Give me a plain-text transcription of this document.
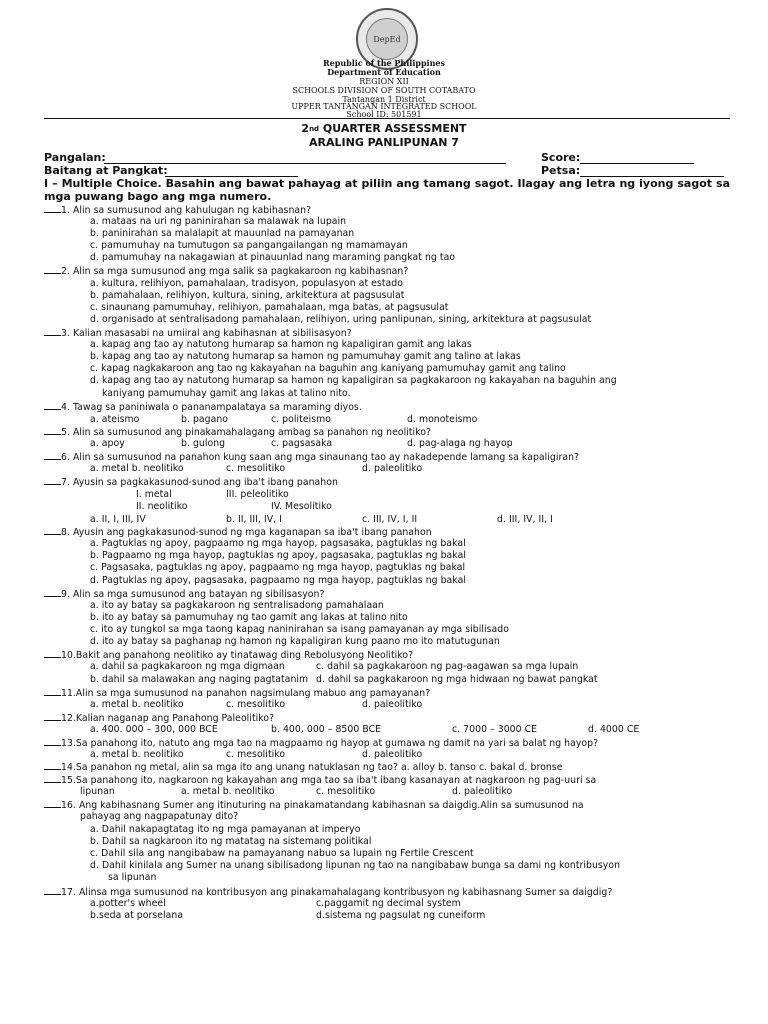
DepEd
Republic of the Philippines
Department of Education
REGION XII
SCHOOLS DIVISION OF SOUTH COTABATO
Tantangan 1 District
UPPER TANTANGAN INTEGRATED SCHOOL
School ID: 501591
2nd QUARTER ASSESSMENT
ARALING PANLIPUNAN 7
Pangalan:	Score:
Baitang at Pangkat:	Petsa:
I – Multiple Choice. Basahin ang bawat pahayag at piliin ang tamang sagot. Ilagay ang letra ng iyong sagot sa mga puwang bago ang mga numero.
1. Alin sa sumusunod ang kahulugan ng kabihasnan?
a. mataas na uri ng paninirahan sa malawak na lupain
b. paninirahan sa malalapit at mauunlad na pamayanan
c. pamumuhay na tumutugon sa pangangailangan ng mamamayan
d. pamumuhay na nakagawian at pinauunlad nang maraming pangkat ng tao
2. Alin sa mga sumusunod ang mga salik sa pagkakaroon ng kabihasnan?
a. kultura, relihiyon, pamahalaan, tradisyon, populasyon at estado
b. pamahalaan, relihiyon, kultura, sining, arkitektura at pagsusulat
c. sinaunang pamumuhay, relihiyon, pamahalaan, mga batas, at pagsusulat
d. organisado at sentralisadong pamahalaan, relihiyon, uring panlipunan, sining, arkitektura at pagsusulat
3. Kalian masasabi na umiiral ang kabihasnan at sibilisasyon?
a. kapag ang tao ay natutong humarap sa hamon ng kapaligiran gamit ang lakas
b. kapag ang tao ay natutong humarap sa hamon ng pamumuhay gamit ang talino at lakas
c. kapag nagkakaroon ang tao ng kakayahan na baguhin ang kaniyang pamumuhay gamit ang talino
d. kapag ang tao ay natutong humarap sa hamon ng kapaligiran sa pagkakaroon ng kakayahan na baguhin ang
kaniyang pamumuhay gamit ang lakas at talino nito.
4. Tawag sa paniniwala o pananampalataya sa maraming diyos.
a. ateismo	b. pagano	c. politeismo	d. monoteismo
5. Alin sa sumusunod ang pinakamahalagang ambag sa panahon ng neolitiko?
a. apoy	b. gulong	c. pagsasaka	d. pag-alaga ng hayop
6. Alin sa sumusunod na panahon kung saan ang mga sinaunang tao ay nakadepende lamang sa kapaligiran?
a. metal b. neolitiko	c. mesolitiko	d. paleolitiko
7. Ayusin sa pagkakasunod-sunod ang iba't ibang panahon
I. metal	III. peleolitiko
II. neolitiko	IV. Mesolitiko
a. II, I, III, IV	b. II, III, IV, I	c. III, IV, I, II	d. III, IV, II, I
8. Ayusin ang pagkakasunod-sunod ng mga kaganapan sa iba't ibang panahon
a. Pagtuklas ng apoy, pagpaamo ng mga hayop, pagsasaka, pagtuklas ng bakal
b. Pagpaamo ng mga hayop, pagtuklas ng apoy, pagsasaka, pagtuklas ng bakal
c. Pagsasaka, pagtuklas ng apoy, pagpaamo ng mga hayop, pagtuklas ng bakal
d. Pagtuklas ng apoy, pagsasaka, pagpaamo ng mga hayop, pagtuklas ng bakal
9. Alin sa mga sumusunod ang batayan ng sibilisasyon?
a. ito ay batay sa pagkakaroon ng sentralisadong pamahalaan
b. ito ay batay sa pamumuhay ng tao gamit ang lakas at talino nito
c. ito ay tungkol sa mga taong kapag naninirahan sa isang pamayanan ay mga sibilisado
d. ito ay batay sa paghanap ng hamon ng kapaligiran kung paano mo ito matutugunan
10.Bakit ang panahong neolitiko ay tinatawag ding Rebolusyong Neolitiko?
a. dahil sa pagkakaroon ng mga digmaan	c. dahil sa pagkakaroon ng pag-aagawan sa mga lupain
b. dahil sa malawakan ang naging pagtatanim d. dahil sa pagkakaroon ng mga hidwaan ng bawat pangkat
11.Alin sa mga sumusunod na panahon nagsimulang mabuo ang pamayanan?
a. metal b. neolitiko	c. mesolitiko	d. paleolitiko
12.Kalian naganap ang Panahong Paleolitiko?
a. 400. 000 – 300, 000 BCE	b. 400, 000 – 8500 BCE	c. 7000 – 3000 CE	d. 4000 CE
13.Sa panahong ito, natuto ang mga tao na magpaamo ng hayop at gumawa ng damit na yari sa balat ng hayop?
a. metal b. neolitiko	c. mesolitiko	d. paleolitiko
14.Sa panahon ng metal, alin sa mga ito ang unang natuklasan ng tao? a. alloy b. tanso c. bakal d. bronse
15.Sa panahong ito, nagkaroon ng kakayahan ang mga tao sa iba't ibang kasanayan at nagkaroon ng pag-uuri sa
lipunan	a. metal b. neolitiko	c. mesolitiko	d. paleolitiko
16. Ang kabihasnang Sumer ang itinuturing na pinakamatandang kabihasnan sa daigdig.Alin sa sumusunod na
pahayag ang nagpapatunay dito?
a. Dahil nakapagtatag ito ng mga pamayanan at imperyo
b. Dahil sa nagkaroon ito ng matatag na sistemang politikal
c. Dahil sila ang nangibabaw na pamayanang nabuo sa lupain ng Fertile Crescent
d. Dahil kinilala ang Sumer na unang sibilisadong lipunan ng tao na nangibabaw bunga sa dami ng kontribusyon
sa lipunan
17. Alinsa mga sumusunod na kontribusyon ang pinakamahalagang kontribusyon ng kabihasnang Sumer sa daigdig?
a.potter's wheel	c.paggamit ng decimal system
b.seda at porselana	d.sistema ng pagsulat ng cuneiform
